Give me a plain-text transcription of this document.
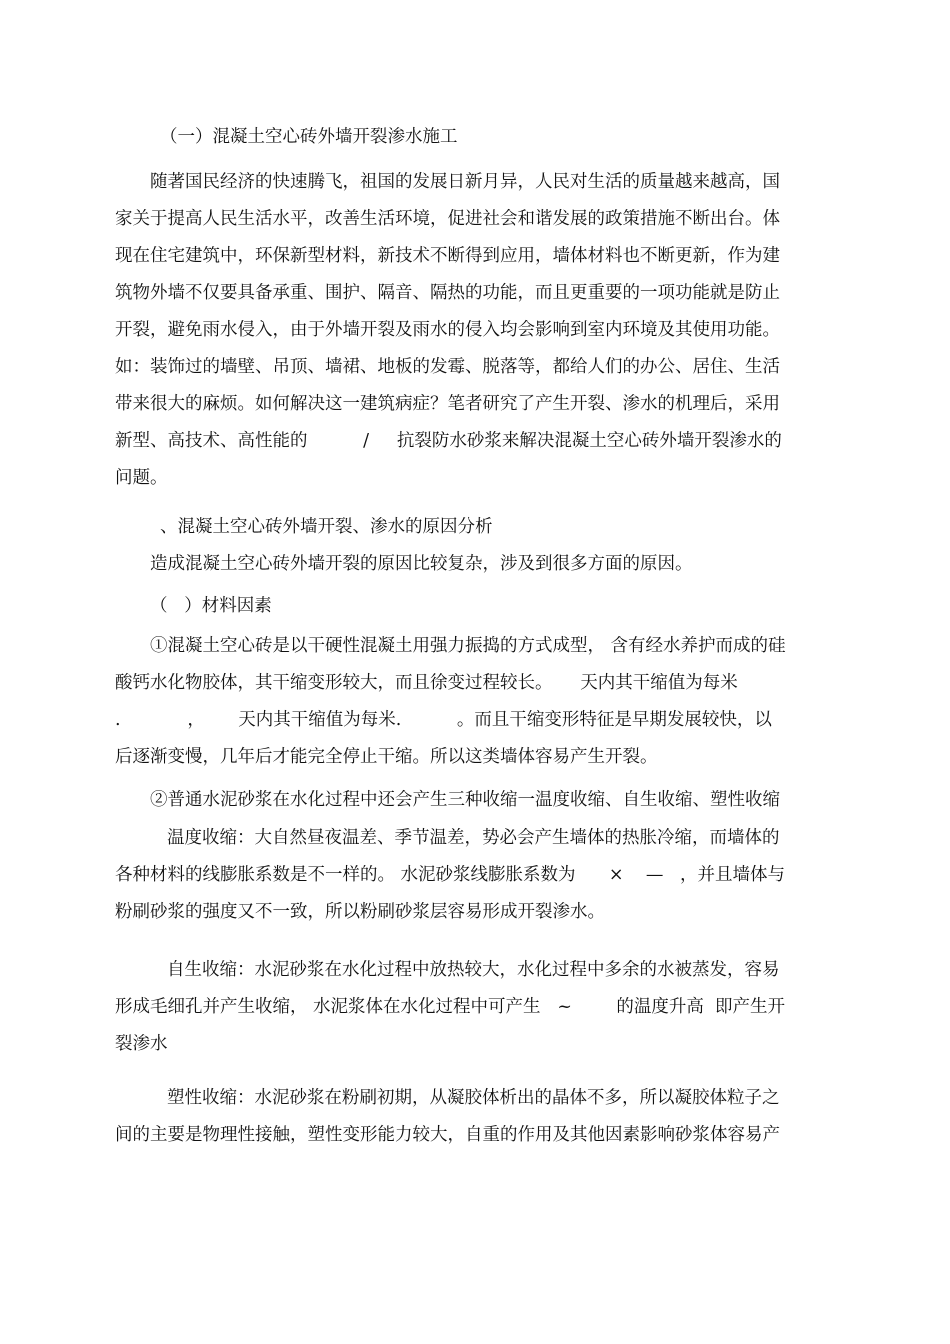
（一）混凝土空心砖外墙开裂渗水施工
随著国民经济的快速腾飞，祖国的发展日新月异，人民对生活的质量越来越高，国
家关于提高人民生活水平，改善生活环境，促进社会和谐发展的政策措施不断出台。体
现在住宅建筑中，环保新型材料，新技术不断得到应用，墙体材料也不断更新，作为建
筑物外墙不仅要具备承重、围护、隔音、隔热的功能，而且更重要的一项功能就是防止
开裂，避免雨水侵入，由于外墙开裂及雨水的侵入均会影响到室内环境及其使用功能。
如：装饰过的墙壁、吊顶、墙裙、地板的发霉、脱落等，都给人们的办公、居住、生活
带来很大的麻烦。如何解决这一建筑病症？笔者研究了产生开裂、渗水的机理后，采用
新型、高技术、高性能的          /     抗裂防水砂浆来解决混凝土空心砖外墙开裂渗水的
问题。
、混凝土空心砖外墙开裂、渗水的原因分析
造成混凝土空心砖外墙开裂的原因比较复杂，涉及到很多方面的原因。
（   ）材料因素
①混凝土空心砖是以干硬性混凝土用强力振捣的方式成型， 含有经水养护而成的硅
酸钙水化物胶体，其干缩变形较大，而且徐变过程较长。     天内其干缩值为每米
.            ，      天内其干缩值为每米.          。而且干缩变形特征是早期发展较快，以
后逐渐变慢，几年后才能完全停止干缩。所以这类墙体容易产生开裂。
②普通水泥砂浆在水化过程中还会产生三种收缩一温度收缩、自生收缩、塑性收缩
温度收缩：大自然昼夜温差、季节温差，势必会产生墙体的热胀冷缩，而墙体的
各种材料的线膨胀系数是不一样的。 水泥砂浆线膨胀系数为      ×    —   ，并且墙体与
粉刷砂浆的强度又不一致，所以粉刷砂浆层容易形成开裂渗水。
自生收缩：水泥砂浆在水化过程中放热较大，水化过程中多余的水被蒸发，容易
形成毛细孔并产生收缩， 水泥浆体在水化过程中可产生   ~        的温度升高  即产生开
裂渗水
塑性收缩：水泥砂浆在粉刷初期，从凝胶体析出的晶体不多，所以凝胶体粒子之
间的主要是物理性接触，塑性变形能力较大，自重的作用及其他因素影响砂浆体容易产
